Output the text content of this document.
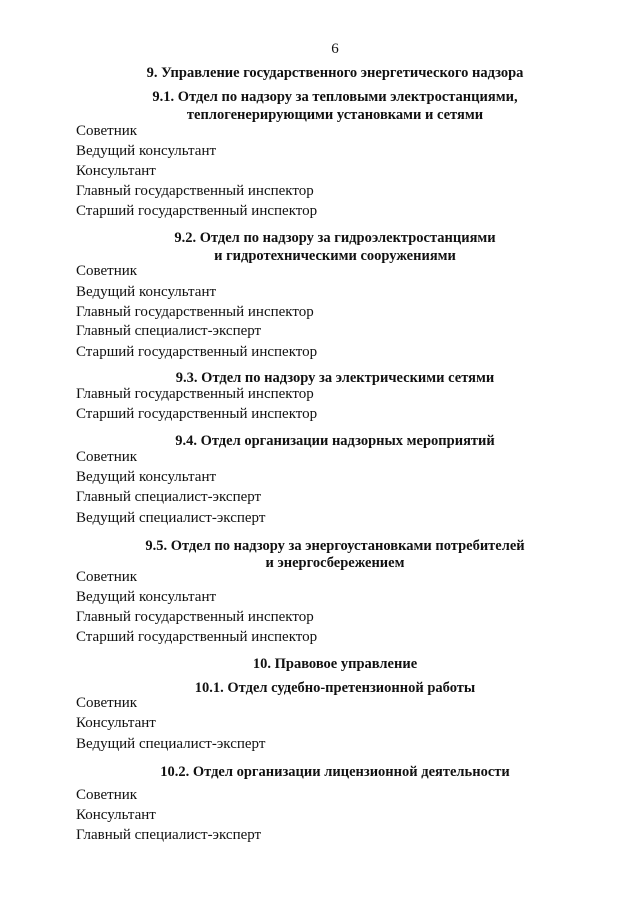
6
9. Управление государственного энергетического надзора
9.1. Отдел по надзору за тепловыми электростанциями,
теплогенерирующими установками и сетями
Советник
Ведущий консультант
Консультант
Главный государственный инспектор
Старший государственный инспектор
9.2. Отдел по надзору за гидроэлектростанциями
и гидротехническими сооружениями
Советник
Ведущий консультант
Главный государственный инспектор
Главный специалист-эксперт
Старший государственный инспектор
9.3. Отдел по надзору за электрическими сетями
Главный государственный инспектор
Старший государственный инспектор
9.4. Отдел организации надзорных мероприятий
Советник
Ведущий консультант
Главный специалист-эксперт
Ведущий специалист-эксперт
9.5. Отдел по надзору за энергоустановками потребителей
и энергосбережением
Советник
Ведущий консультант
Главный государственный инспектор
Старший государственный инспектор
10. Правовое управление
10.1. Отдел судебно-претензионной работы
Советник
Консультант
Ведущий специалист-эксперт
10.2. Отдел организации лицензионной деятельности
Советник
Консультант
Главный специалист-эксперт
